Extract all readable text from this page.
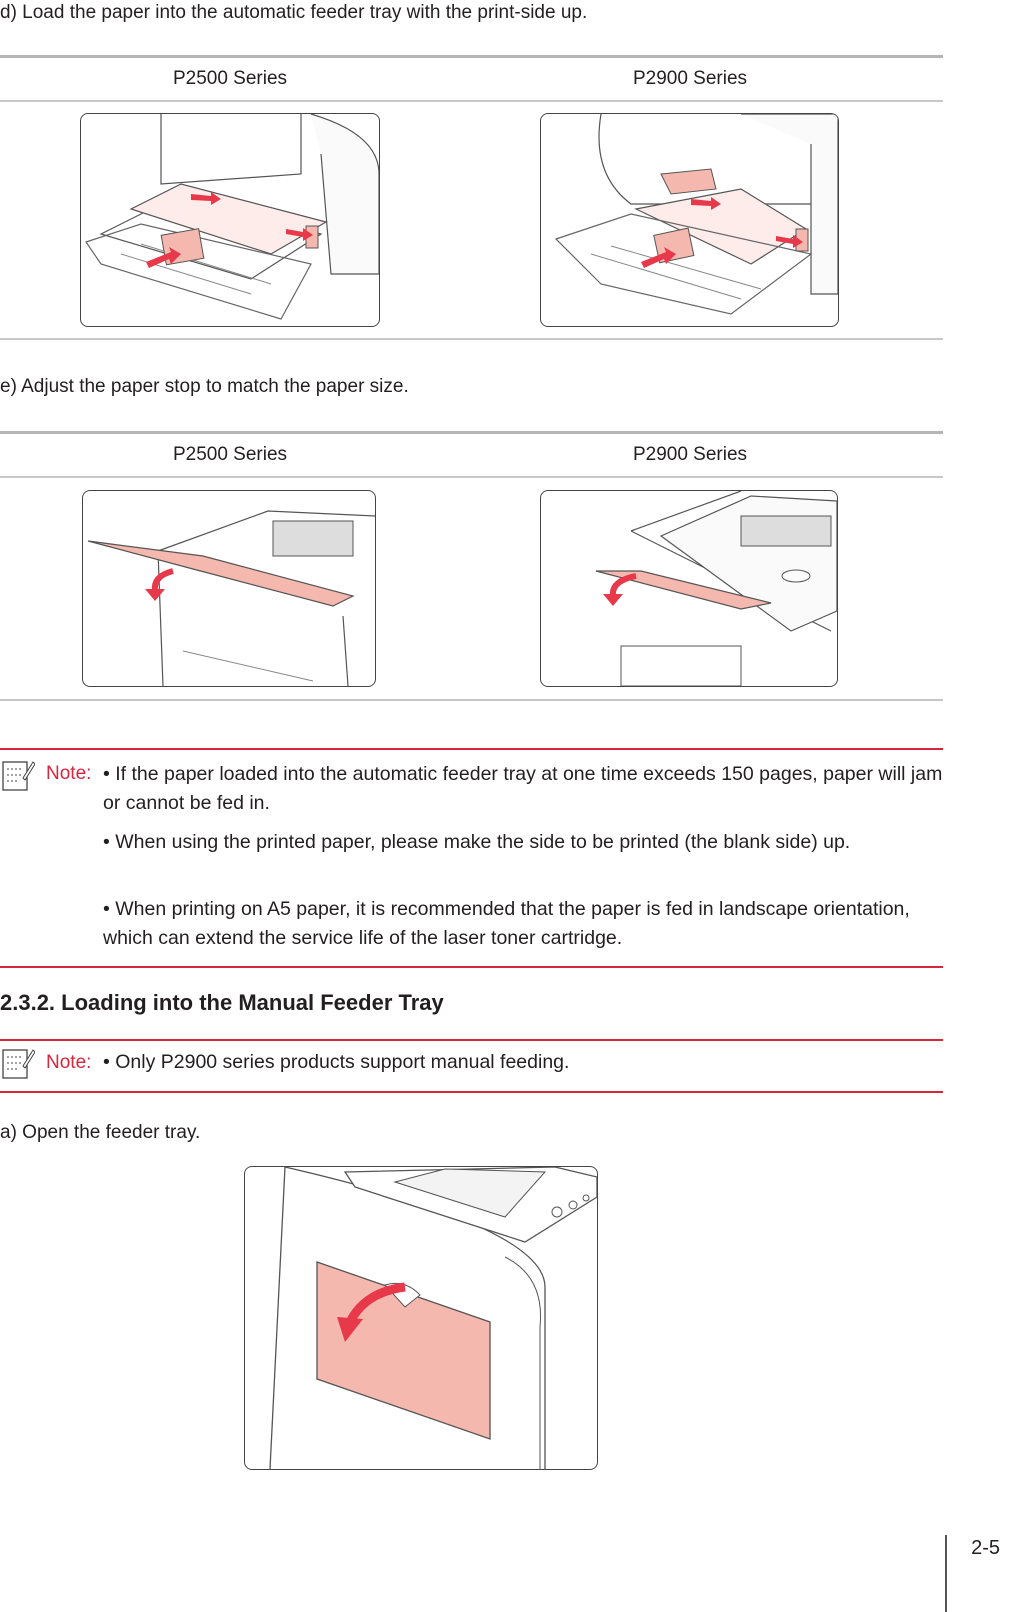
d) Load the paper into the automatic feeder tray with the print-side up.
P2500 Series	P2900 Series
e) Adjust the paper stop to match the paper size.
P2500 Series	P2900 Series
Note: • If the paper loaded into the automatic feeder tray at one time exceeds 150 pages, paper will jam or cannot be fed in.
• When using the printed paper, please make the side to be printed (the blank side) up.
• When printing on A5 paper, it is recommended that the paper is fed in landscape orientation, which can extend the service life of the laser toner cartridge.
2.3.2. Loading into the Manual Feeder Tray
Note: • Only P2900 series products support manual feeding.
a) Open the feeder tray.
2-5
